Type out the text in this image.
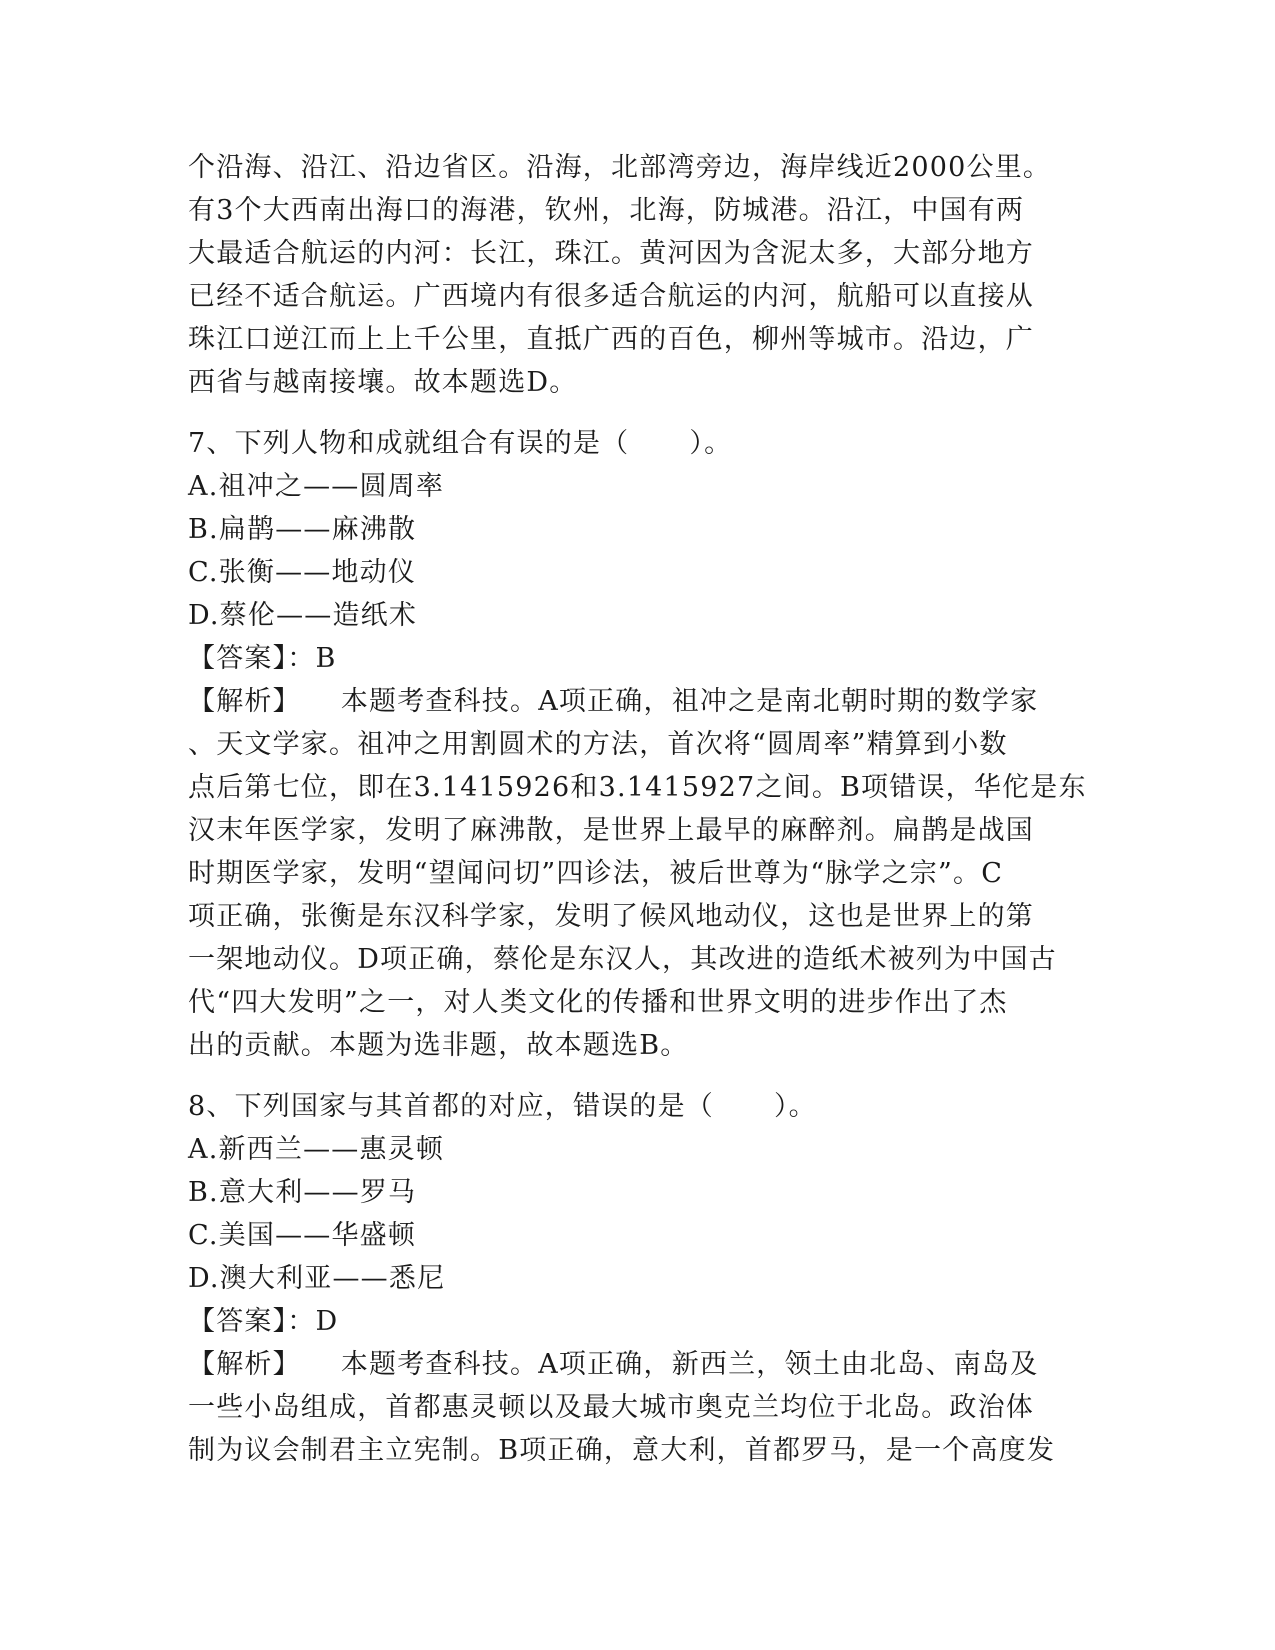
个沿海、沿江、沿边省区。沿海，北部湾旁边，海岸线近2000公里。

有3个大西南出海口的海港，钦州，北海，防城港。沿江，中国有两

大最适合航运的内河：长江，珠江。黄河因为含泥太多，大部分地方

已经不适合航运。广西境内有很多适合航运的内河，航船可以直接从

珠江口逆江而上上千公里，直抵广西的百色，柳州等城市。沿边，广

西省与越南接壤。故本题选D。

7、下列人物和成就组合有误的是（ ）。

A.祖冲之——圆周率

B.扁鹊——麻沸散

C.张衡——地动仪

D.蔡伦——造纸术

【答案】：B

【解析】 本题考查科技。A项正确，祖冲之是南北朝时期的数学家

、天文学家。祖冲之用割圆术的方法，首次将“圆周率”精算到小数

点后第七位，即在3.1415926和3.1415927之间。B项错误，华佗是东

汉末年医学家，发明了麻沸散，是世界上最早的麻醉剂。扁鹊是战国

时期医学家，发明“望闻问切”四诊法，被后世尊为“脉学之宗”。C

项正确，张衡是东汉科学家，发明了候风地动仪，这也是世界上的第

一架地动仪。D项正确，蔡伦是东汉人，其改进的造纸术被列为中国古

代“四大发明”之一，对人类文化的传播和世界文明的进步作出了杰

出的贡献。本题为选非题，故本题选B。

8、下列国家与其首都的对应，错误的是（ ）。

A.新西兰——惠灵顿

B.意大利——罗马

C.美国——华盛顿

D.澳大利亚——悉尼

【答案】：D

【解析】 本题考查科技。A项正确，新西兰，领土由北岛、南岛及

一些小岛组成，首都惠灵顿以及最大城市奥克兰均位于北岛。政治体

制为议会制君主立宪制。B项正确，意大利，首都罗马，是一个高度发
